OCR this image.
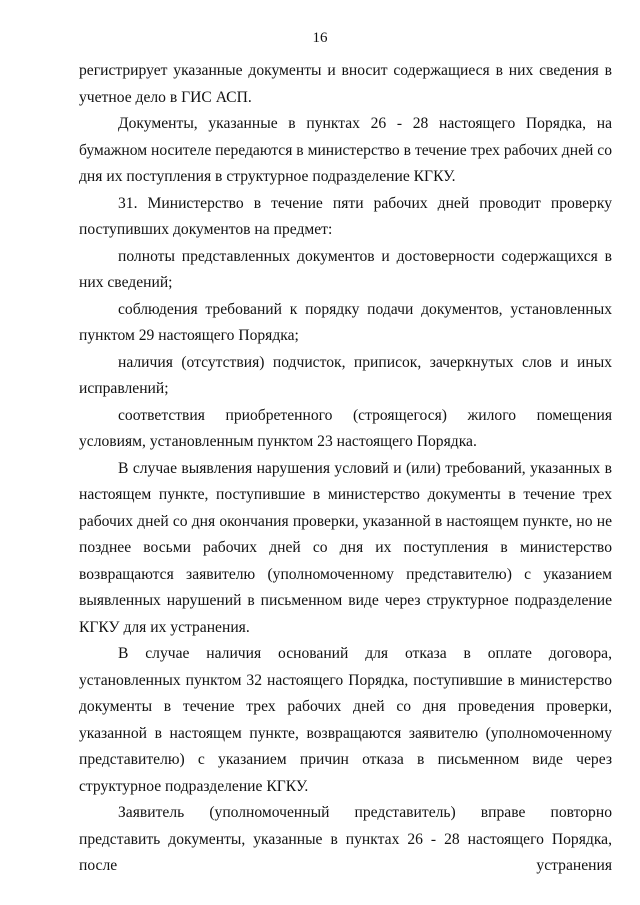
16

регистрирует указанные документы и вносит содержащиеся в них сведения в учетное дело в ГИС АСП.

Документы, указанные в пунктах 26 - 28 настоящего Порядка, на бумажном носителе передаются в министерство в течение трех рабочих дней со дня их поступления в структурное подразделение КГКУ.

31. Министерство в течение пяти рабочих дней проводит проверку поступивших документов на предмет:

полноты представленных документов и достоверности содержащихся в них сведений;

соблюдения требований к порядку подачи документов, установленных пунктом 29 настоящего Порядка;

наличия (отсутствия) подчисток, приписок, зачеркнутых слов и иных исправлений;

соответствия приобретенного (строящегося) жилого помещения условиям, установленным пунктом 23 настоящего Порядка.

В случае выявления нарушения условий и (или) требований, указанных в настоящем пункте, поступившие в министерство документы в течение трех рабочих дней со дня окончания проверки, указанной в настоящем пункте, но не позднее восьми рабочих дней со дня их поступления в министерство возвращаются заявителю (уполномоченному представителю) с указанием выявленных нарушений в письменном виде через структурное подразделение КГКУ для их устранения.

В случае наличия оснований для отказа в оплате договора, установленных пунктом 32 настоящего Порядка, поступившие в министерство документы в течение трех рабочих дней со дня проведения проверки, указанной в настоящем пункте, возвращаются заявителю (уполномоченному представителю) с указанием причин отказа в письменном виде через структурное подразделение КГКУ.

Заявитель (уполномоченный представитель) вправе повторно представить документы, указанные в пунктах 26 - 28 настоящего Порядка, после устранения
